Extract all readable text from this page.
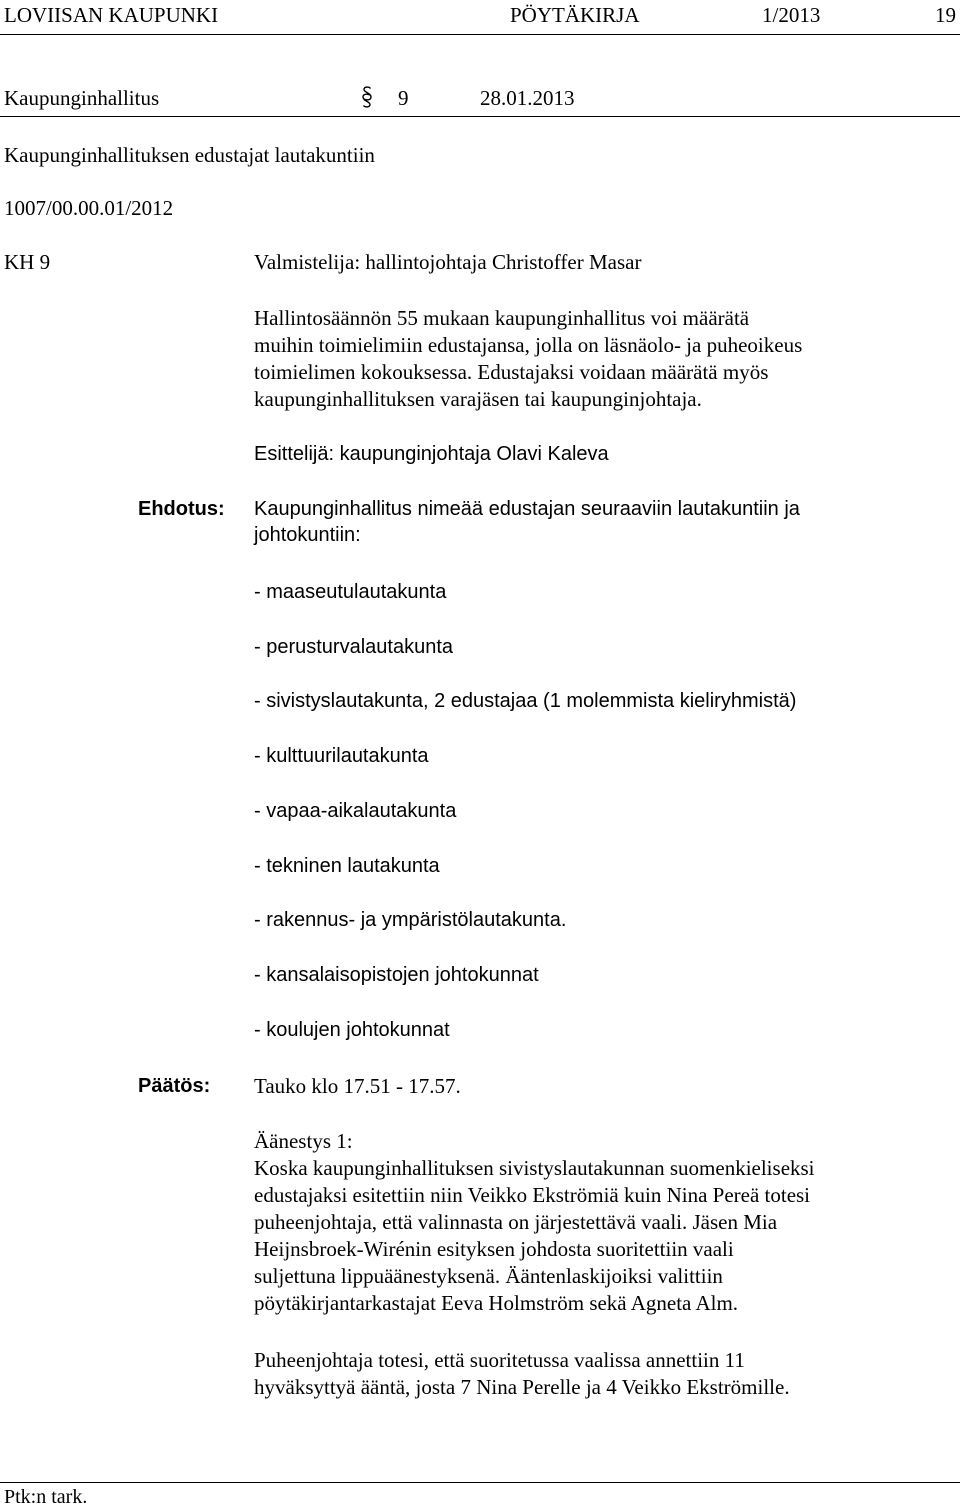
LOVIISAN KAUPUNKI	PÖYTÄKIRJA	1/2013	19
Kaupunginhallitus	9	28.01.2013
Kaupunginhallituksen edustajat lautakuntiin
1007/00.00.01/2012
KH 9	Valmistelija: hallintojohtaja Christoffer Masar
Hallintosäännön 55 mukaan kaupunginhallitus voi määrätä
muihin toimielimiin edustajansa, jolla on läsnäolo- ja puheoikeus
toimielimen kokouksessa. Edustajaksi voidaan määrätä myös
kaupunginhallituksen varajäsen tai kaupunginjohtaja.
Esittelijä: kaupunginjohtaja Olavi Kaleva
Ehdotus: Kaupunginhallitus nimeää edustajan seuraaviin lautakuntiin ja
johtokuntiin:
- maaseutulautakunta
- perusturvalautakunta
- sivistyslautakunta, 2 edustajaa (1 molemmista kieliryhmistä)
- kulttuurilautakunta
- vapaa-aikalautakunta
- tekninen lautakunta
- rakennus- ja ympäristölautakunta.
- kansalaisopistojen johtokunnat
- koulujen johtokunnat
Päätös: Tauko klo 17.51 - 17.57.
Äänestys 1:
Koska kaupunginhallituksen sivistyslautakunnan suomenkieliseksi
edustajaksi esitettiin niin Veikko Ekströmiä kuin Nina Pereä totesi
puheenjohtaja, että valinnasta on järjestettävä vaali. Jäsen Mia
Heijnsbroek-Wirénin esityksen johdosta suoritettiin vaali
suljettuna lippuäänestyksenä. Ääntenlaskijoiksi valittiin
pöytäkirjantarkastajat Eeva Holmström sekä Agneta Alm.
Puheenjohtaja totesi, että suoritetussa vaalissa annettiin 11
hyväksyttyä ääntä, josta 7 Nina Perelle ja 4 Veikko Ekströmille.
Ptk:n tark.
